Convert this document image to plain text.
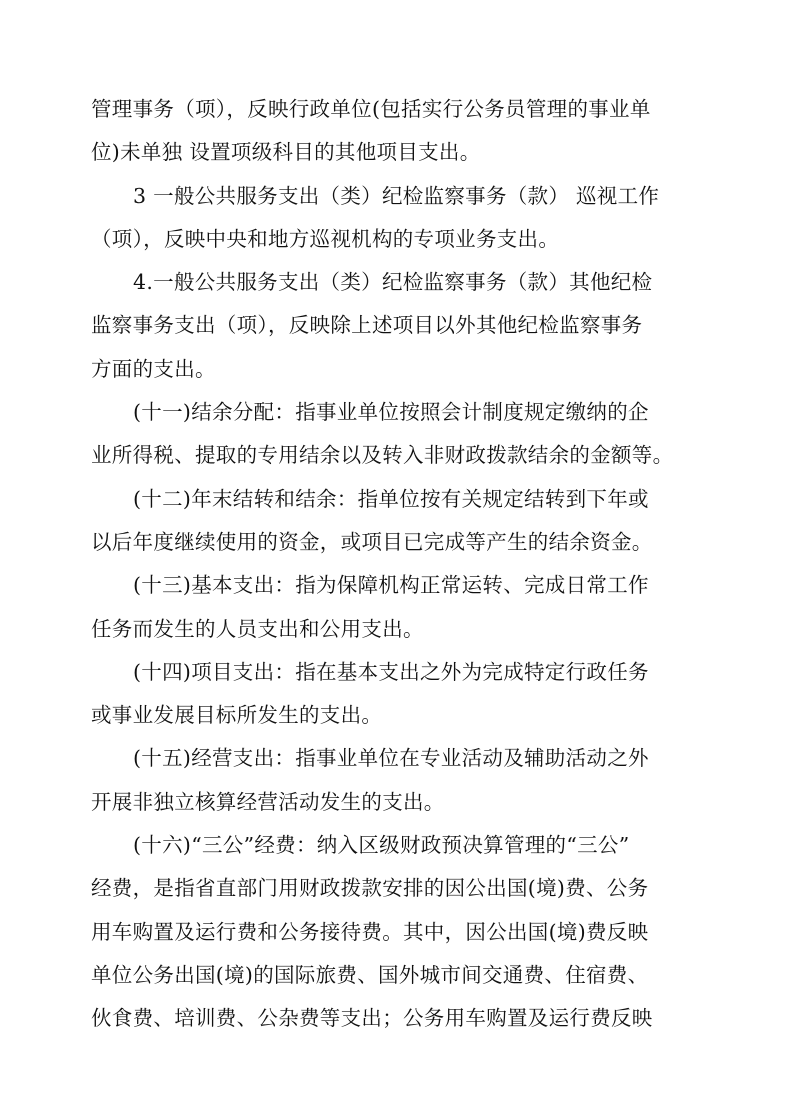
管理事务（项），反映行政单位(包括实行公务员管理的事业单
位)未单独 设置项级科目的其他项目支出。

3 一般公共服务支出（类）纪检监察事务（款） 巡视工作
（项），反映中央和地方巡视机构的专项业务支出。

4.一般公共服务支出（类）纪检监察事务（款）其他纪检
监察事务支出（项），反映除上述项目以外其他纪检监察事务
方面的支出。

(十一)结余分配：指事业单位按照会计制度规定缴纳的企
业所得税、提取的专用结余以及转入非财政拨款结余的金额等。

(十二)年末结转和结余：指单位按有关规定结转到下年或
以后年度继续使用的资金，或项目已完成等产生的结余资金。

(十三)基本支出：指为保障机构正常运转、完成日常工作
任务而发生的人员支出和公用支出。

(十四)项目支出：指在基本支出之外为完成特定行政任务
或事业发展目标所发生的支出。

(十五)经营支出：指事业单位在专业活动及辅助活动之外
开展非独立核算经营活动发生的支出。

(十六)“三公”经费：纳入区级财政预决算管理的“三公”
经费，是指省直部门用财政拨款安排的因公出国(境)费、公务
用车购置及运行费和公务接待费。其中，因公出国(境)费反映
单位公务出国(境)的国际旅费、国外城市间交通费、住宿费、
伙食费、培训费、公杂费等支出；公务用车购置及运行费反映
